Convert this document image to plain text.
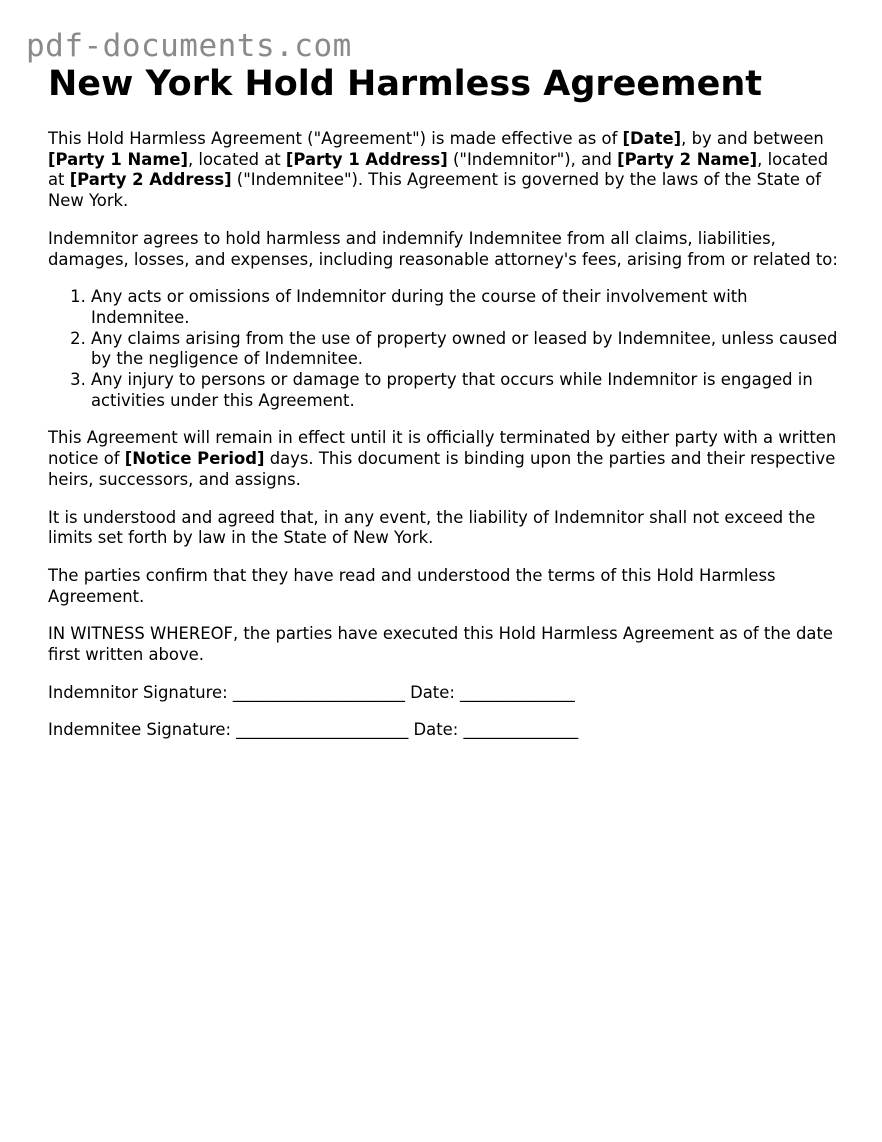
pdf-documents.com
New York Hold Harmless Agreement

This Hold Harmless Agreement ("Agreement") is made effective as of [Date], by and between [Party 1 Name], located at [Party 1 Address] ("Indemnitor"), and [Party 2 Name], located at [Party 2 Address] ("Indemnitee"). This Agreement is governed by the laws of the State of New York.

Indemnitor agrees to hold harmless and indemnify Indemnitee from all claims, liabilities, damages, losses, and expenses, including reasonable attorney's fees, arising from or related to:

1. Any acts or omissions of Indemnitor during the course of their involvement with Indemnitee.
2. Any claims arising from the use of property owned or leased by Indemnitee, unless caused by the negligence of Indemnitee.
3. Any injury to persons or damage to property that occurs while Indemnitor is engaged in activities under this Agreement.

This Agreement will remain in effect until it is officially terminated by either party with a written notice of [Notice Period] days. This document is binding upon the parties and their respective heirs, successors, and assigns.

It is understood and agreed that, in any event, the liability of Indemnitor shall not exceed the limits set forth by law in the State of New York.

The parties confirm that they have read and understood the terms of this Hold Harmless Agreement.

IN WITNESS WHEREOF, the parties have executed this Hold Harmless Agreement as of the date first written above.

Indemnitor Signature: _____________________ Date: ______________

Indemnitee Signature: _____________________ Date: ______________
